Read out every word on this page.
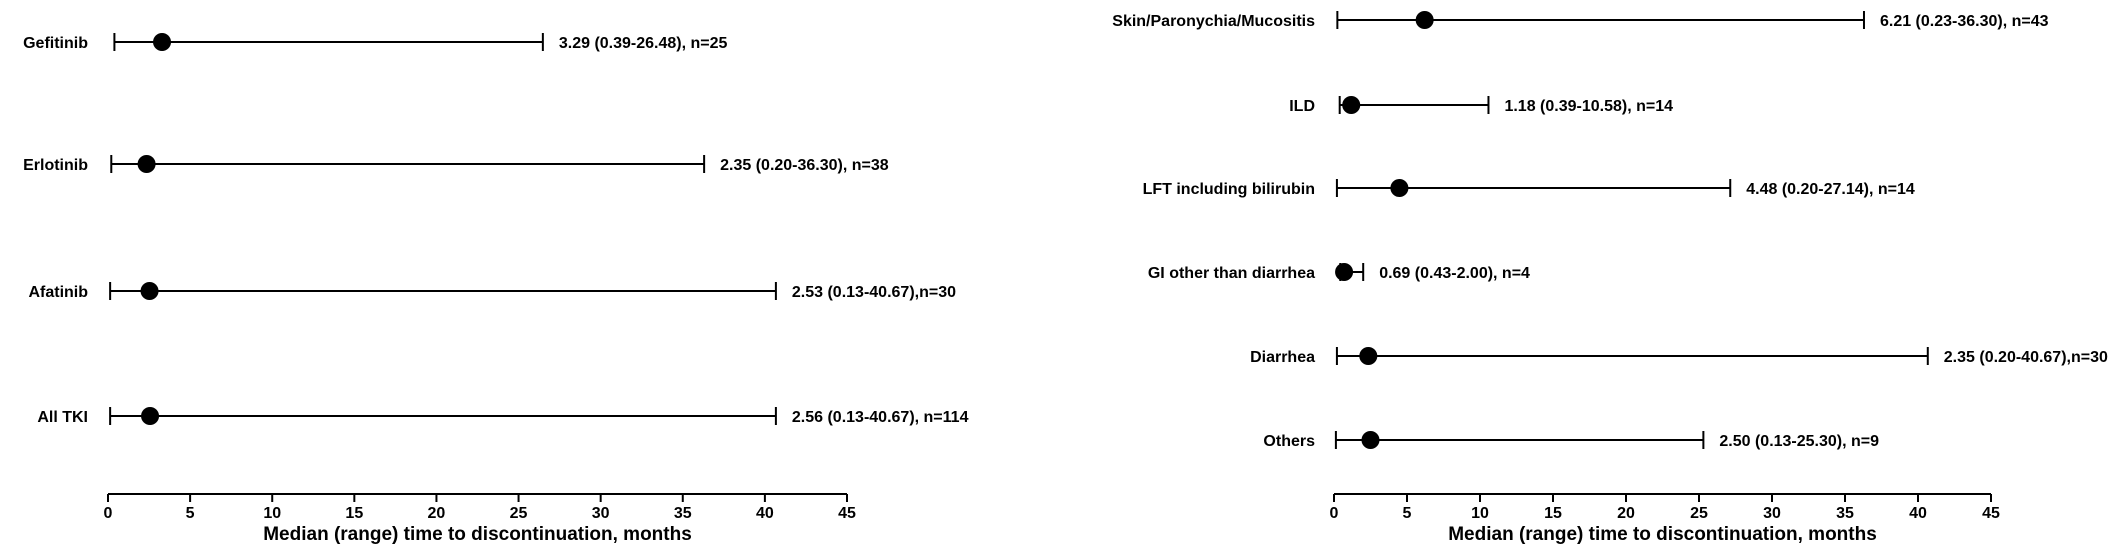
Median (range) time to discontinuation, months
0	5	10	15	20	25	30	35	40	45
Gefitinib	3.29 (0.39-26.48), n=25
Erlotinib	2.35 (0.20-36.30), n=38
Afatinib	2.53 (0.13-40.67),n=30
All TKI	2.56 (0.13-40.67), n=114
Median (range) time to discontinuation, months
0	5	10	15	20	25	30	35	40	45
Skin/Paronychia/Mucositis	6.21 (0.23-36.30), n=43
ILD	1.18 (0.39-10.58), n=14
LFT including bilirubin	4.48 (0.20-27.14), n=14
GI other than diarrhea	0.69 (0.43-2.00), n=4
Diarrhea	2.35 (0.20-40.67),n=30
Others	2.50 (0.13-25.30), n=9
